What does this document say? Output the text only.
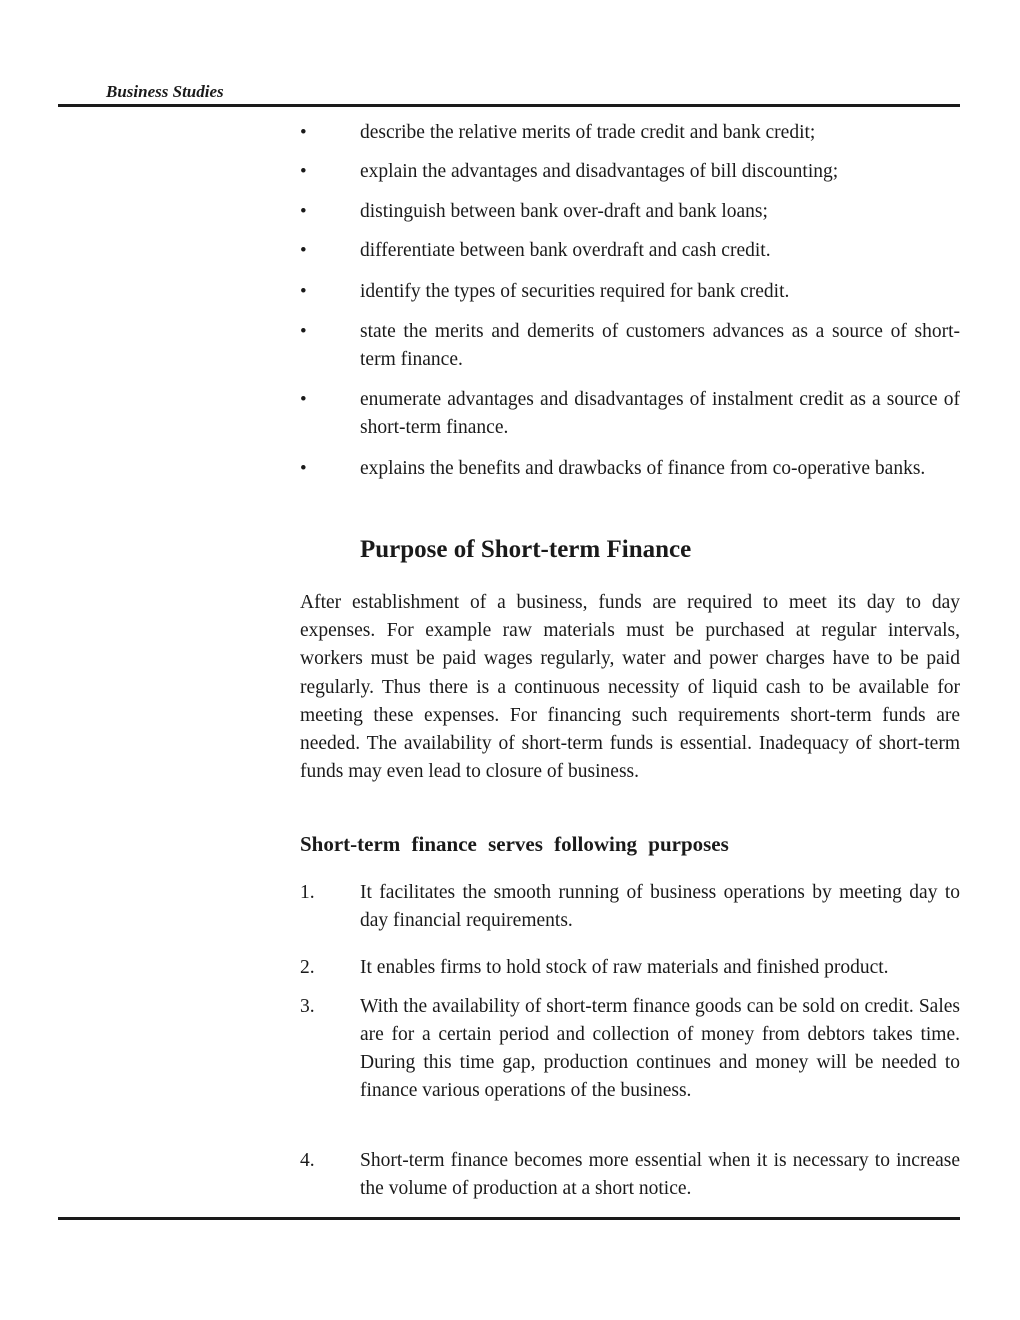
Business Studies
•	describe the relative merits of trade credit and bank credit;
•	explain the advantages and disadvantages of bill discounting;
•	distinguish between bank over-draft and bank loans;
•	differentiate between bank overdraft and cash credit.
•	identify the types of securities required for bank credit.
•	state the merits and demerits of customers advances as a source of short-term finance.
•	enumerate advantages and disadvantages of instalment credit as a source of short-term finance.
•	explains the benefits and drawbacks of finance from co-operative banks.
Purpose of Short-term Finance

After establishment of a business, funds are required to meet its day to day expenses. For example raw materials must be purchased at regular intervals, workers must be paid wages regularly, water and power charges have to be paid regularly. Thus there is a continuous necessity of liquid cash to be available for meeting these expenses. For financing such requirements short-term funds are needed. The availability of short-term funds is essential. Inadequacy of short-term funds may even lead to closure of business.

Short-term finance serves following purposes
1. It facilitates the smooth running of business operations by meeting day to day financial requirements.
2. It enables firms to hold stock of raw materials and finished product.
3. With the availability of short-term finance goods can be sold on credit. Sales are for a certain period and collection of money from debtors takes time. During this time gap, production continues and money will be needed to finance various operations of the business.
4. Short-term finance becomes more essential when it is necessary to increase the volume of production at a short notice.
